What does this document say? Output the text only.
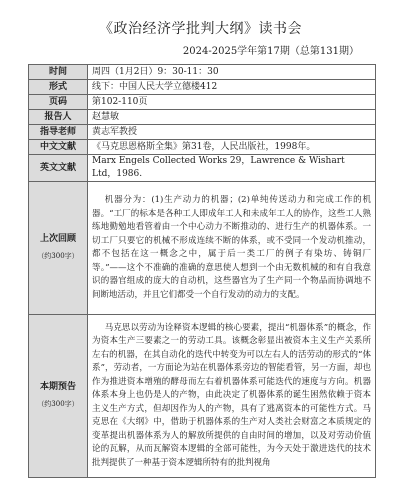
《政治经济学批判大纲》读书会
2024-2025学年第17期（总第131期）
时间	周四（1月2日）9：30-11：30
形式	线下：中国人民大学立德楼412
页码	第102-110页
报告人	赵慧敏
指导老师	黄志军教授
中文文献	《马克思恩格斯全集》第31卷，人民出版社，1998年。
英文文献	Marx Engels Collected Works 29，Lawrence & Wishart Ltd，1986.
上次回顾
（约300字）	机器分为：(1)生产动力的机器；(2)单纯传送动力和完成工作的机器。“工厂的标本是各种工人即成年工人和未成年工人的协作，这些工人熟练地勤勉地看管着由一个中心动力不断推动的、进行生产的机器体系。一切工厂只要它的机械不形成连续不断的体系，或不受同一个发动机推动，都不包括在这一概念之中，属于后一类工厂的例子有染坊、铸铜厂等。”——这个不准确的准确的意思使人想到一个由无数机械的和有自我意识的器官组成的庞大的自动机，这些器官为了生产同一个物品而协调地不间断地活动，并且它们都受一个自行发动的动力的支配。

本期预告
（约300字）	马克思以劳动为诠释资本逻辑的核心要素，提出“机器体系”的概念，作为资本生产三要素之一的劳动工具。该概念彰显出被资本主义生产关系所左右的机器，在其自动化的迭代中转变为可以左右人的活劳动的形式的“体系”，劳动者，一方面论为站在机器体系旁边的智能看管，另一方面，却也作为推进资本增殖的酵母而左右着机器体系可能迭代的速度与方向。机器体系本身上也仍是人的产物，由此决定了机器体系的诞生困然依赖于资本主义生产方式，但却因作为人的产物，具有了逃离资本的可能性方式。马克思在《大纲》中，借助于机器体系的生产对人类社会财富之本质规定的变革提出机器体系为人的解放所提供的自由时间的增加，以及对劳动价值论的瓦解，从而瓦解资本逻辑的全部可能性，为今天处于激进迭代的技术批判提供了一种基于资本逻辑所特有的批判视角
